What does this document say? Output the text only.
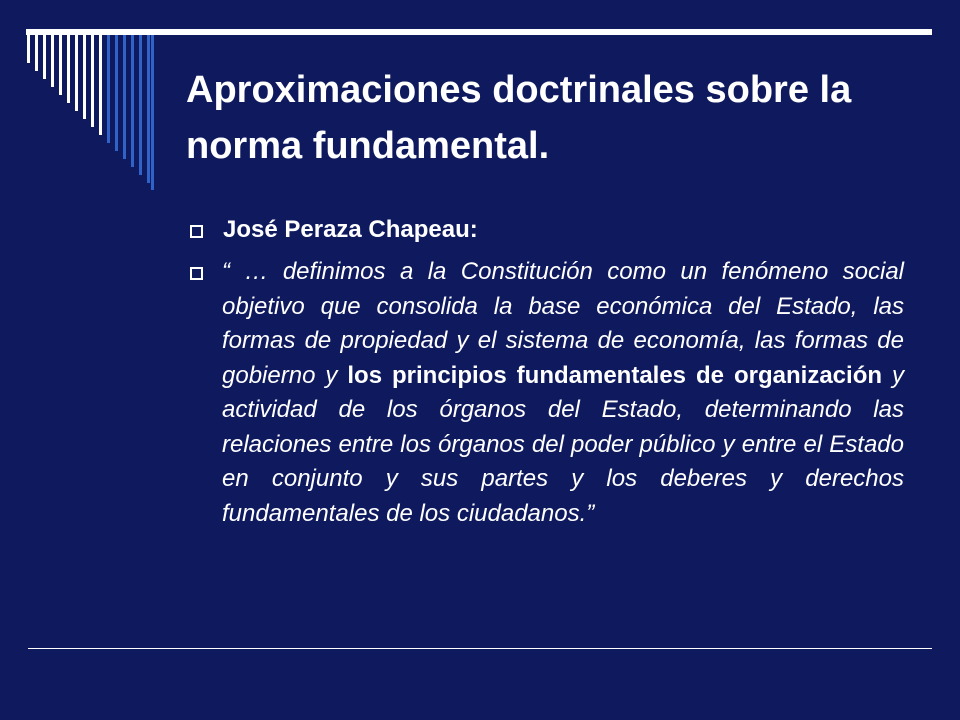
Aproximaciones doctrinales sobre la norma fundamental.
José Peraza Chapeau:

“ … definimos a la Constitución como un fenómeno social objetivo que consolida la base económica del Estado, las formas de propiedad y el sistema de economía, las formas de gobierno y los principios fundamentales de organización y actividad de los órganos del Estado, determinando las relaciones entre los órganos del poder público y entre el Estado en conjunto y sus partes y los deberes y derechos fundamentales de los ciudadanos.”
